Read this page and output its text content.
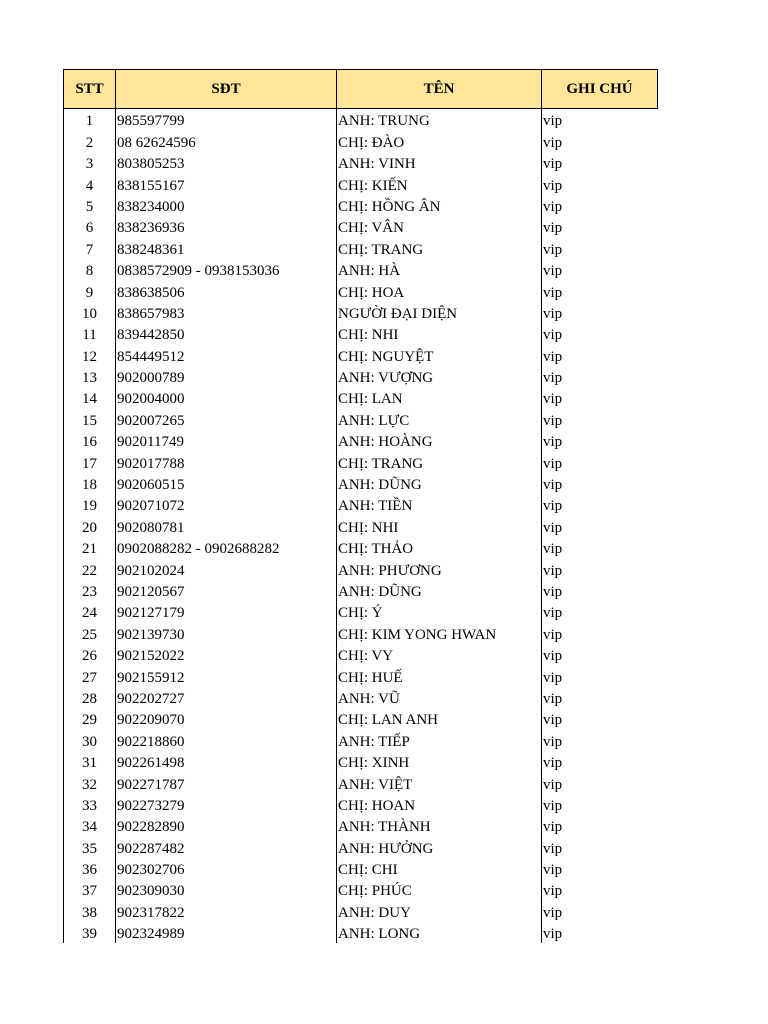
STT	SĐT	TÊN	GHI CHÚ
1	985597799	ANH: TRUNG	vip
2	08 62624596	CHỊ: ĐÀO	vip
3	803805253	ANH: VINH	vip
4	838155167	CHỊ: KIẾN	vip
5	838234000	CHỊ: HỒNG ÂN	vip
6	838236936	CHỊ: VÂN	vip
7	838248361	CHỊ: TRANG	vip
8	0838572909 - 0938153036	ANH: HÀ	vip
9	838638506	CHỊ: HOA	vip
10	838657983	NGƯỜI ĐẠI DIỆN	vip
11	839442850	CHỊ: NHI	vip
12	854449512	CHỊ: NGUYỆT	vip
13	902000789	ANH: VƯỢNG	vip
14	902004000	CHỊ: LAN	vip
15	902007265	ANH: LỰC	vip
16	902011749	ANH: HOÀNG	vip
17	902017788	CHỊ: TRANG	vip
18	902060515	ANH: DŨNG	vip
19	902071072	ANH: TIỀN	vip
20	902080781	CHỊ: NHI	vip
21	0902088282 - 0902688282	CHỊ: THẢO	vip
22	902102024	ANH: PHƯƠNG	vip
23	902120567	ANH: DŨNG	vip
24	902127179	CHỊ: Ý	vip
25	902139730	CHỊ: KIM YONG HWAN	vip
26	902152022	CHỊ: VY	vip
27	902155912	CHỊ: HUẾ	vip
28	902202727	ANH: VŨ	vip
29	902209070	CHỊ: LAN ANH	vip
30	902218860	ANH: TIẾP	vip
31	902261498	CHỊ: XINH	vip
32	902271787	ANH: VIỆT	vip
33	902273279	CHỊ: HOAN	vip
34	902282890	ANH: THÀNH	vip
35	902287482	ANH: HƯỞNG	vip
36	902302706	CHỊ: CHI	vip
37	902309030	CHỊ: PHÚC	vip
38	902317822	ANH: DUY	vip
39	902324989	ANH: LONG	vip
